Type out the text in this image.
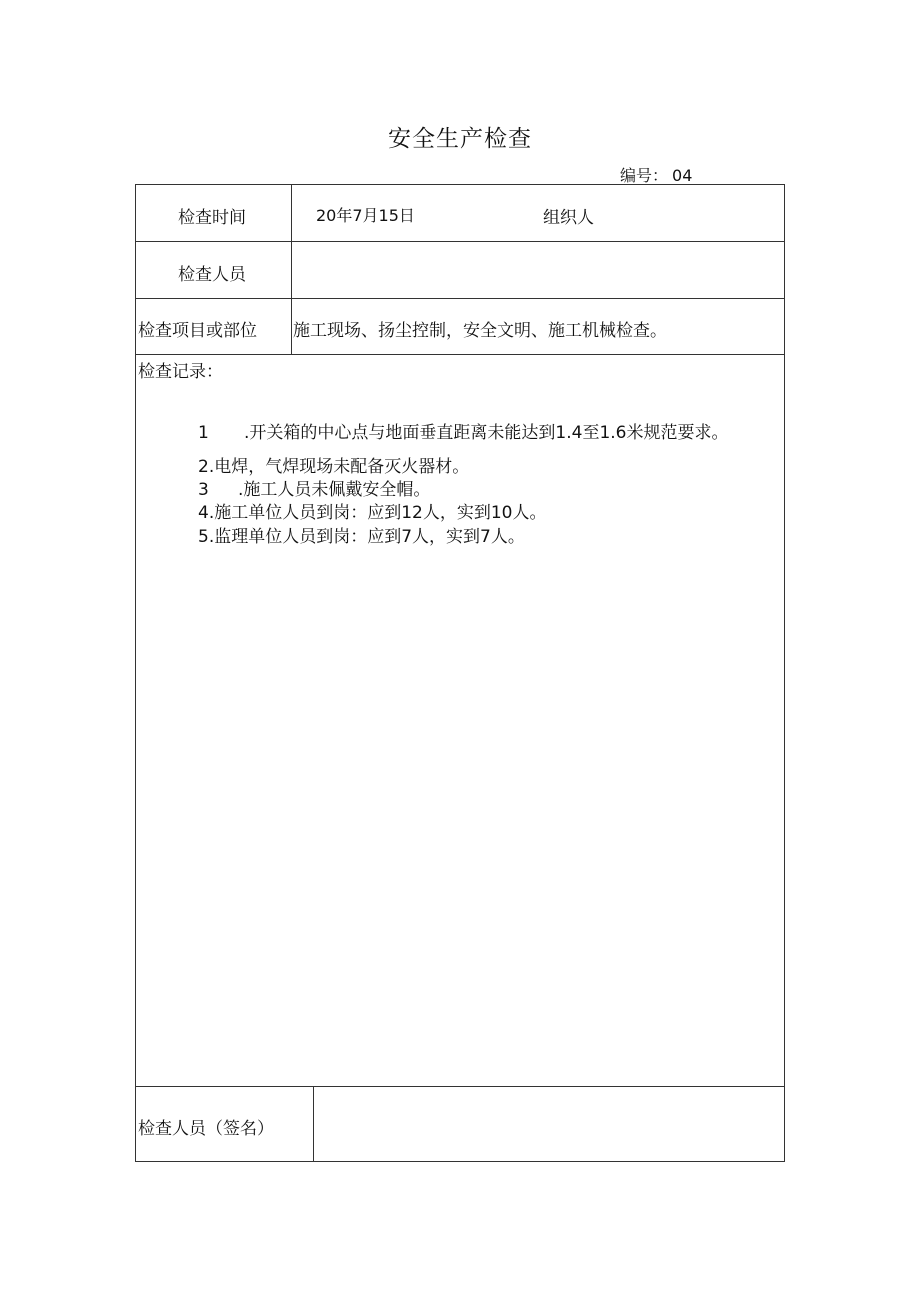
安全生产检查
编号： 04
检查时间	20年7月15日	组织人
检查人员
检查项目或部位 施工现场、扬尘控制，安全文明、施工机械检查。
检查记录：
1 .开关箱的中心点与地面垂直距离未能达到1.4至1.6米规范要求。
2.电焊，气焊现场未配备灭火器材。
3 .施工人员未佩戴安全帽。
4.施工单位人员到岗：应到12人，实到10人。
5.监理单位人员到岗：应到7人，实到7人。
检查人员（签名）
